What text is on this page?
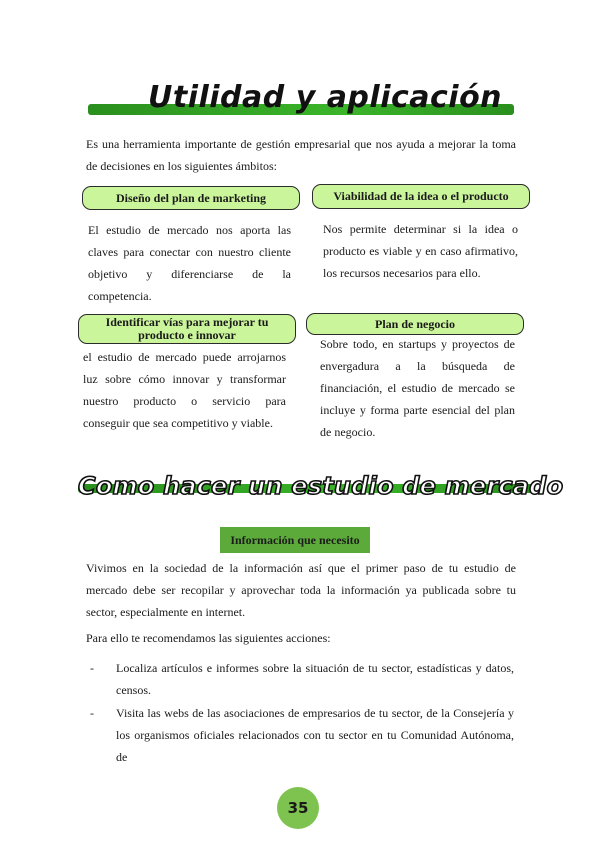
Utilidad y aplicación
Es una herramienta importante de gestión empresarial que nos ayuda a mejorar la toma de decisiones en los siguientes ámbitos:
Diseño del plan de marketing
El estudio de mercado nos aporta las claves para conectar con nuestro cliente objetivo y diferenciarse de la competencia.
Viabilidad de la idea o el producto
Nos permite determinar si la idea o producto es viable y en caso afirmativo, los recursos necesarios para ello.
Identificar vías para mejorar tu producto e innovar
el estudio de mercado puede arrojarnos luz sobre cómo innovar y transformar nuestro producto o servicio para conseguir que sea competitivo y viable.
Plan de negocio
Sobre todo, en startups y proyectos de envergadura a la búsqueda de financiación, el estudio de mercado se incluye y forma parte esencial del plan de negocio.
Como hacer un estudio de mercado
Información que necesito
Vivimos en la sociedad de la información así que el primer paso de tu estudio de mercado debe ser recopilar y aprovechar toda la información ya publicada sobre tu sector, especialmente en internet.
Para ello te recomendamos las siguientes acciones:
- Localiza artículos e informes sobre la situación de tu sector, estadísticas y datos, censos.
- Visita las webs de las asociaciones de empresarios de tu sector, de la Consejería y los organismos oficiales relacionados con tu sector en tu Comunidad Autónoma, de
35
